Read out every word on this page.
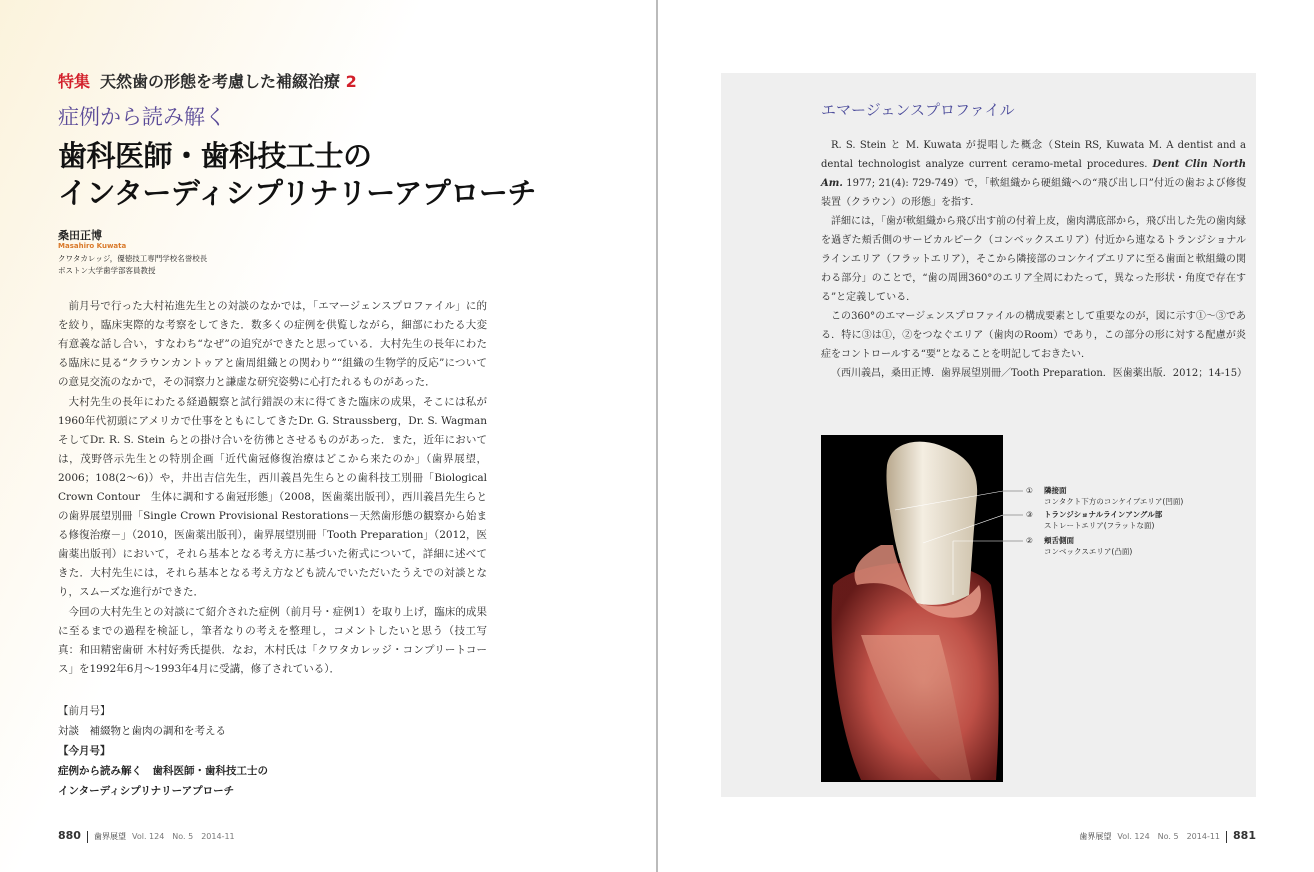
特集 天然歯の形態を考慮した補綴治療 2
症例から読み解く
歯科医師・歯科技工士の
インターディシプリナリーアプローチ
桑田正博
Masahiro Kuwata
クワタカレッジ，優徳技工専門学校名誉校長
ボストン大学歯学部客員教授

前月号で行った大村祐進先生との対談のなかでは，「エマージェンスプロファイル」に的を絞り，臨床実際的な考察をしてきた．数多くの症例を供覧しながら，細部にわたる大変有意義な話し合い，すなわち“なぜ”の追究ができたと思っている．大村先生の長年にわたる臨床に見る“クラウンカントゥアと歯周組織との関わり”“組織の生物学的反応”についての意見交流のなかで，その洞察力と謙虚な研究姿勢に心打たれるものがあった．

大村先生の長年にわたる経過観察と試行錯誤の末に得てきた臨床の成果，そこには私が1960年代初頭にアメリカで仕事をともにしてきたDr. G. Straussberg，Dr. S. Wagman そしてDr. R. S. Stein らとの掛け合いを彷彿とさせるものがあった．また，近年においては，茂野啓示先生との特別企画「近代歯冠修復治療はどこから来たのか」（歯界展望，2006；108(2～6)）や，井出吉信先生，西川義昌先生らとの歯科技工別冊「Biological Crown Contour　生体に調和する歯冠形態」（2008，医歯薬出版刊），西川義昌先生らとの歯界展望別冊「Single Crown Provisional Restorations－天然歯形態の観察から始まる修復治療－」（2010，医歯薬出版刊），歯界展望別冊「Tooth Preparation」（2012，医歯薬出版刊）において，それら基本となる考え方に基づいた術式について，詳細に述べてきた．大村先生には，それら基本となる考え方なども読んでいただいたうえでの対談となり，スムーズな進行ができた．

今回の大村先生との対談にて紹介された症例（前月号・症例1）を取り上げ，臨床的成果に至るまでの過程を検証し，筆者なりの考えを整理し，コメントしたいと思う（技工写真：和田精密歯研 木村好秀氏提供．なお，木村氏は「クワタカレッジ・コンプリートコース」を1992年6月～1993年4月に受講，修了されている）．

【前月号】
対談　補綴物と歯肉の調和を考える
【今月号】
症例から読み解く　歯科医師・歯科技工士の
インターディシプリナリーアプローチ
880 歯界展望 Vol. 124　No. 5　2014-11
エマージェンスプロファイル

R. S. Stein と M. Kuwata が提唱した概念（Stein RS, Kuwata M. A dentist and a dental technologist analyze current ceramo-metal procedures. Dent Clin North Am. 1977; 21(4): 729-749）で，「軟組織から硬組織への“飛び出し口”付近の歯および修復装置（クラウン）の形態」を指す．

詳細には，「歯が軟組織から飛び出す前の付着上皮，歯肉溝底部から，飛び出した先の歯肉縁を過ぎた頬舌側のサービカルピーク（コンベックスエリア）付近から連なるトランジショナルラインエリア（フラットエリア），そこから隣接部のコンケイブエリアに至る歯面と軟組織の関わる部分」のことで，“歯の周囲360°のエリア全周にわたって，異なった形状・角度で存在する”と定義している．

この360°のエマージェンスプロファイルの構成要素として重要なのが，図に示す①～③である．特に③は①，②をつなぐエリア（歯肉のRoom）であり，この部分の形に対する配慮が炎症をコントロールする“要”となることを明記しておきたい．

（西川義昌，桑田正博．歯界展望別冊／Tooth Preparation．医歯薬出版．2012；14-15）

① 隣接面
コンタクト下方のコンケイブエリア(凹面)
③ トランジショナルラインアングル部
ストレートエリア(フラットな面)
② 頬舌側面
コンベックスエリア(凸面)
歯界展望 Vol. 124　No. 5　2014-11 881
